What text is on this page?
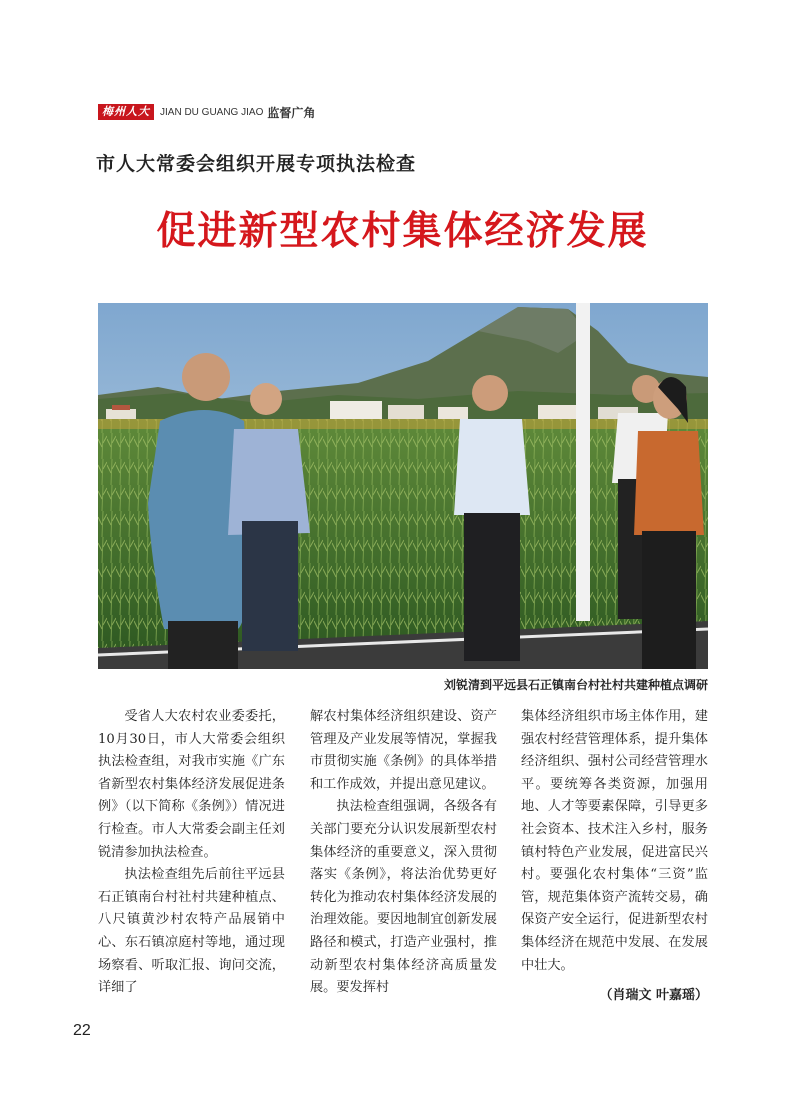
梅州人大	JIAN DU GUANG JIAO 监督广角
市人大常委会组织开展专项执法检查
促进新型农村集体经济发展
刘锐清到平远县石正镇南台村社村共建种植点调研

受省人大农村农业委委托，10月30日，市人大常委会组织执法检查组，对我市实施《广东省新型农村集体经济发展促进条例》（以下简称《条例》）情况进行检查。市人大常委会副主任刘锐清参加执法检查。

执法检查组先后前往平远县石正镇南台村社村共建种植点、八尺镇黄沙村农特产品展销中心、东石镇凉庭村等地，通过现场察看、听取汇报、询问交流，详细了

解农村集体经济组织建设、资产管理及产业发展等情况，掌握我市贯彻实施《条例》的具体举措和工作成效，并提出意见建议。

执法检查组强调，各级各有关部门要充分认识发展新型农村集体经济的重要意义，深入贯彻落实《条例》，将法治优势更好转化为推动农村集体经济发展的治理效能。要因地制宜创新发展路径和模式，打造产业强村，推动新型农村集体经济高质量发展。要发挥村

集体经济组织市场主体作用，建强农村经营管理体系，提升集体经济组织、强村公司经营管理水平。要统筹各类资源，加强用地、人才等要素保障，引导更多社会资本、技术注入乡村，服务镇村特色产业发展，促进富民兴村。要强化农村集体“三资”监管，规范集体资产流转交易，确保资产安全运行，促进新型农村集体经济在规范中发展、在发展中壮大。

（肖瑞文 叶嘉瑶）
22
